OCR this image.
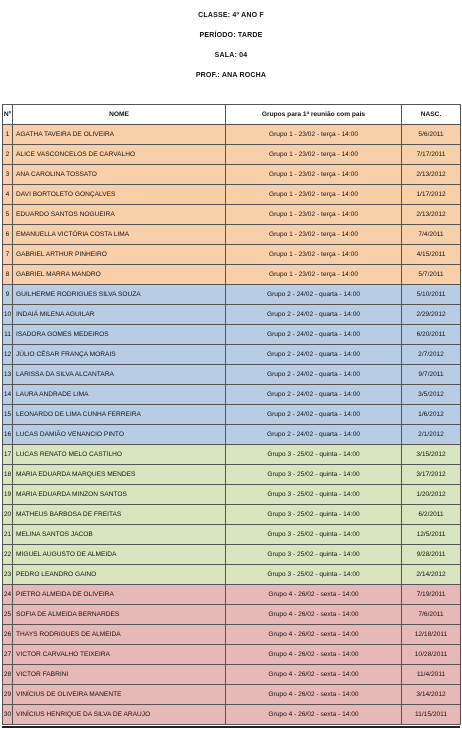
CLASSE: 4º ANO F
PERÍODO: TARDE
SALA: 04
PROF.: ANA ROCHA
Nº	NOME	Grupos para 1ª reunião com pais	NASC.
1	AGATHA TAVEIRA DE OLIVEIRA	Grupo 1 - 23/02 - terça - 14:00	5/6/2011
2	ALICE VASCONCELOS DE CARVALHO	Grupo 1 - 23/02 - terça - 14:00	7/17/2011
3	ANA CAROLINA TOSSATO	Grupo 1 - 23/02 - terça - 14:00	2/13/2012
4	DAVI BORTOLETO GONÇALVES	Grupo 1 - 23/02 - terça - 14:00	1/17/2012
5	EDUARDO SANTOS NOGUEIRA	Grupo 1 - 23/02 - terça - 14:00	2/13/2012
6	EMANUELLA VICTÓRIA COSTA LIMA	Grupo 1 - 23/02 - terça - 14:00	7/4/2011
7	GABRIEL ARTHUR PINHEIRO	Grupo 1 - 23/02 - terça - 14:00	4/15/2011
8	GABRIEL MARRA MANDRO	Grupo 1 - 23/02 - terça - 14:00	5/7/2011
9	GUILHERME RODRIGUES SILVA SOUZA	Grupo 2 - 24/02 - quarta - 14:00	5/10/2011
10	INDAIÁ MILENA AGUILAR	Grupo 2 - 24/02 - quarta - 14:00	2/29/2012
11	ISADORA GOMES MEDEIROS	Grupo 2 - 24/02 - quarta - 14:00	6/20/2011
12	JÚLIO CÉSAR FRANÇA MORAIS	Grupo 2 - 24/02 - quarta - 14:00	2/7/2012
13	LARISSA DA SILVA ALCANTARA	Grupo 2 - 24/02 - quarta - 14:00	9/7/2011
14	LAURA ANDRADE LIMA	Grupo 2 - 24/02 - quarta - 14:00	3/5/2012
15	LEONARDO DE LIMA CUNHA FERREIRA	Grupo 2 - 24/02 - quarta - 14:00	1/6/2012
16	LUCAS DAMIÃO VENANCIO PINTO	Grupo 2 - 24/02 - quarta - 14:00	2/1/2012
17	LUCAS RENATO MELO CASTILHO	Grupo 3 - 25/02 - quinta - 14:00	3/15/2012
18	MARIA EDUARDA MARQUES MENDES	Grupo 3 - 25/02 - quinta - 14:00	3/17/2012
19	MARIA EDUARDA MINZON SANTOS	Grupo 3 - 25/02 - quinta - 14:00	1/20/2012
20	MATHEUS BARBOSA DE FREITAS	Grupo 3 - 25/02 - quinta - 14:00	6/2/2011
21	MELINA SANTOS JACOB	Grupo 3 - 25/02 - quinta - 14:00	12/5/2011
22	MIGUEL AUGUSTO DE ALMEIDA	Grupo 3 - 25/02 - quinta - 14:00	9/28/2011
23	PEDRO LEANDRO GAINO	Grupo 3 - 25/02 - quinta - 14:00	2/14/2012
24	PIETRO ALMEIDA DE OLIVEIRA	Grupo 4 - 26/02 - sexta - 14:00	7/19/2011
25	SOFIA DE ALMEIDA BERNARDES	Grupo 4 - 26/02 - sexta - 14:00	7/6/2011
26	THAYS RODRIGUES DE ALMEIDA	Grupo 4 - 26/02 - sexta - 14:00	12/18/2011
27	VICTOR CARVALHO TEIXEIRA	Grupo 4 - 26/02 - sexta - 14:00	10/28/2011
28	VICTOR FABRINI	Grupo 4 - 26/02 - sexta - 14:00	11/4/2011
29	VINÍCIUS DE OLIVEIRA MANENTE	Grupo 4 - 26/02 - sexta - 14:00	3/14/2012
30	VINÍCIUS HENRIQUE DA SILVA DE ARAUJO	Grupo 4 - 26/02 - sexta - 14:00	11/15/2011
